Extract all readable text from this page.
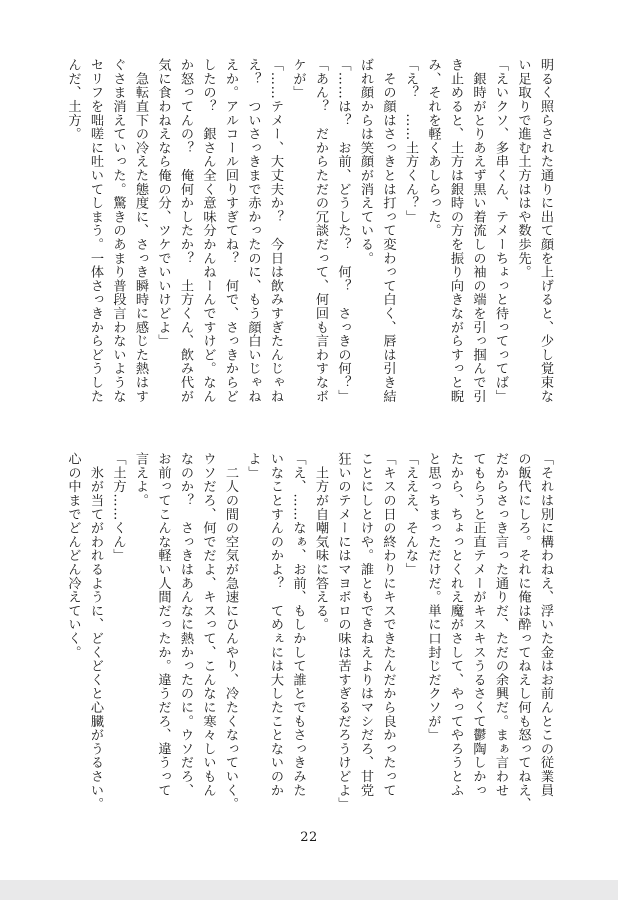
明るく照らされた通りに出て顔を上げると、少し覚束な
い足取りで進む土方ははや数歩先。
「えいクソ、多串くん、テメーちょっと待ってってば」
　銀時がとりあえず黒い着流しの袖の端を引っ掴んで引
き止めると、土方は銀時の方を振り向きながらすっと睨
み、それを軽くあしらった。
「え？　……土方くん？」
　その顔はさっきとは打って変わって白く、唇は引き結
ばれ顔からは笑顔が消えている。
「……は？　お前、どうした？　何？　さっきの何？」
「あん？　だからただの冗談だって、何回も言わすなボ
ケが」
「……テメー、大丈夫か？　今日は飲みすぎたんじゃね
え？　ついさっきまで赤かったのに、もう顔白いじゃね
えか。アルコール回りすぎてね？　何で、さっきからど
したの？　銀さん全く意味分かんねーんですけど。なん
か怒ってんの？　俺何かしたか？　土方くん、飲み代が
気に食わねえなら俺の分、ツケでいいけどよ」
　急転直下の冷えた態度に、さっき瞬時に感じた熱はす
ぐさま消えていった。驚きのあまり普段言わないような
セリフを咄嗟に吐いてしまう。一体さっきからどうした
んだ、土方。
「それは別に構わねえ、浮いた金はお前んとこの従業員
の飯代にしろ。それに俺は酔ってねえし何も怒ってねえ、
だからさっき言った通りだ、ただの余興だ。まぁ言わせ
てもらうと正直テメーがキスキスうるさくて鬱陶しかっ
たから、ちょっとくれえ魔がさして、やってやろうとふ
と思っちまっただけだ。単に口封じだクソが」
「えええ、そんな」
「キスの日の終わりにキスできたんだから良かったって
ことにしとけや。誰ともできねえよりはマシだろ、甘党
狂いのテメーにはマヨボロの味は苦すぎるだろうけどよ」
　土方が自嘲気味に答える。
「え、……なぁ、お前、もしかして誰とでもさっきみた
いなことすんのかよ？　てめぇには大したことないのか
よ」
　二人の間の空気が急速にひんやり、冷たくなっていく。
ウソだろ、何でだよ、キスって、こんなに寒々しいもん
なのか？　さっきはあんなに熱かったのに。ウソだろ、
お前ってこんな軽い人間だったか。違うだろ、違うって
言えよ。
「土方……くん」
　氷が当てがわれるように、どくどくと心臓がうるさい。
心の中までどんどん冷えていく。
22
